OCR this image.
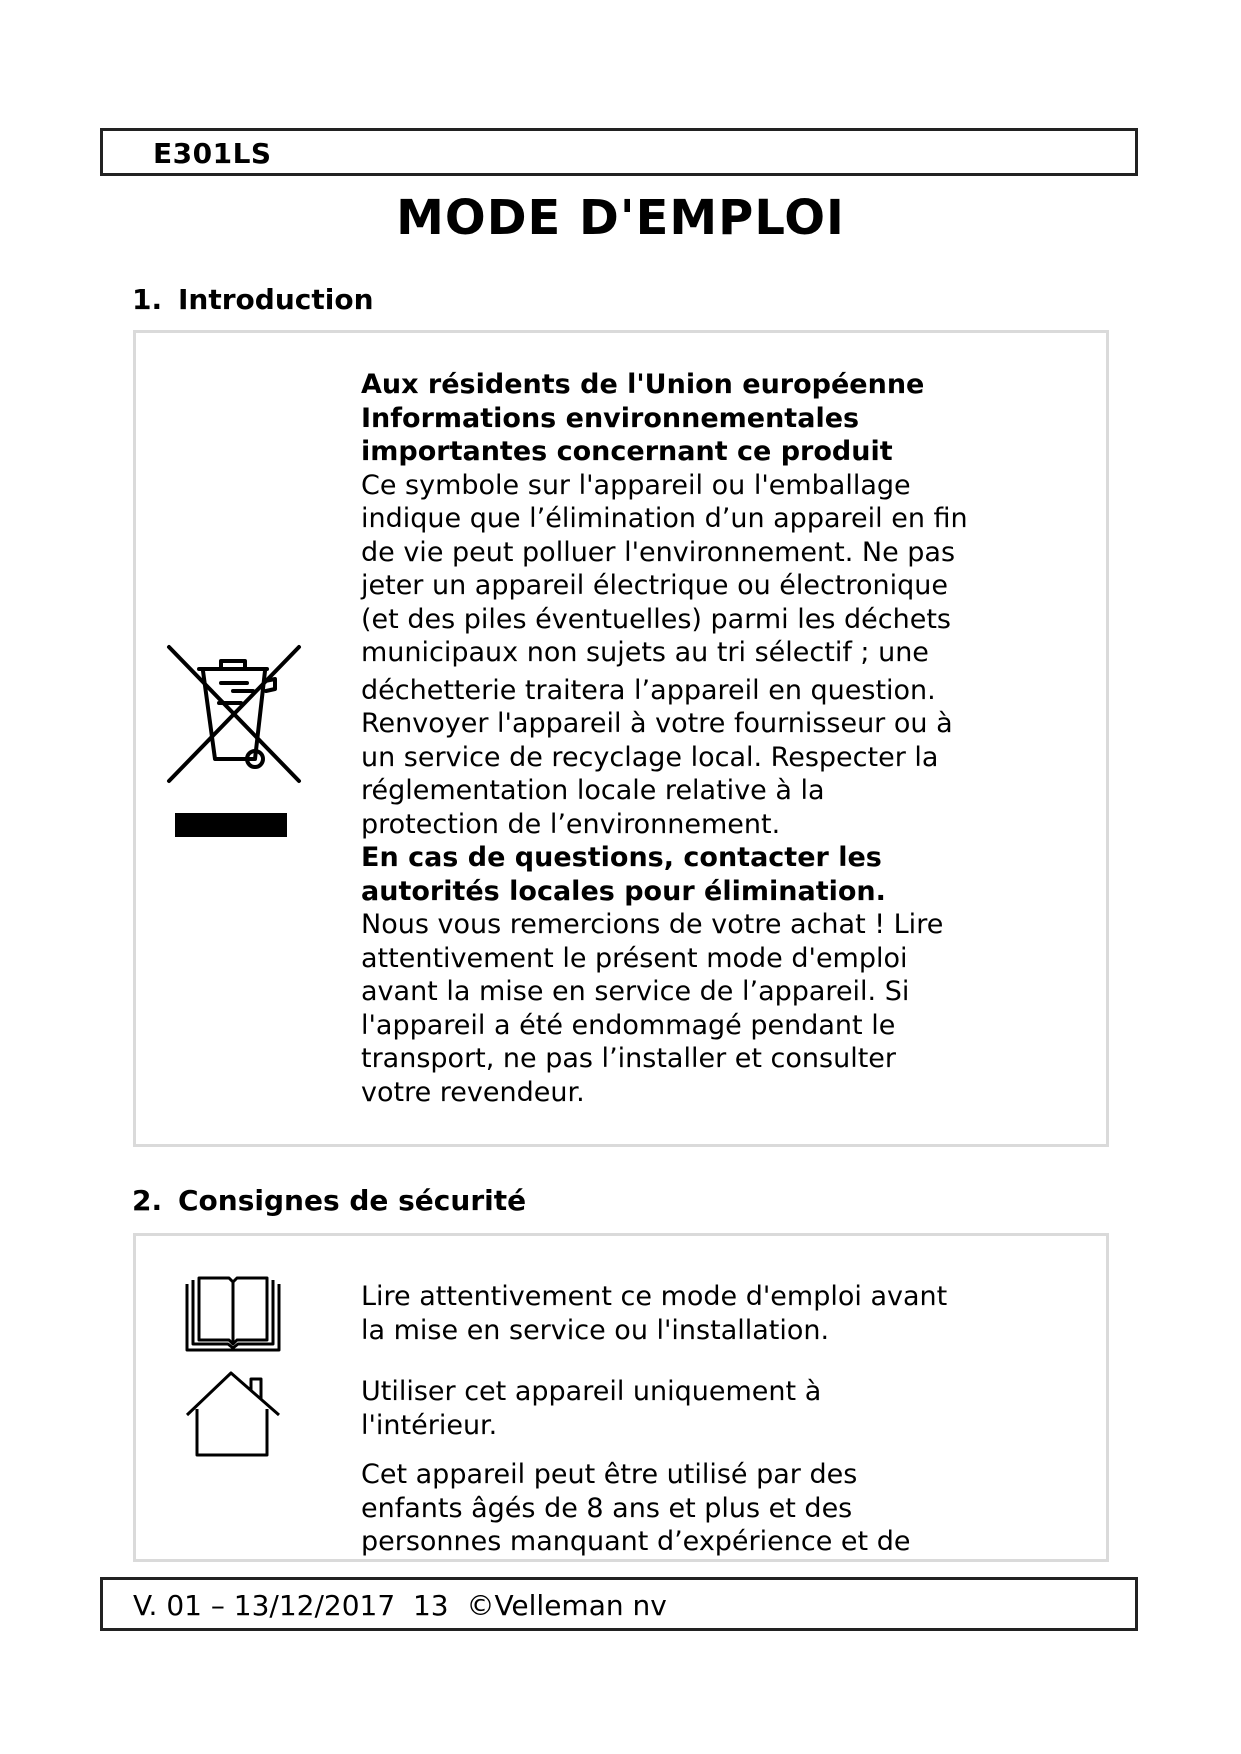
E301LS
MODE D'EMPLOI
1. Introduction

Aux résidents de l'Union européenne

Informations environnementales

importantes concernant ce produit

Ce symbole sur l'appareil ou l'emballage

indique que l’élimination d’un appareil en fin

de vie peut polluer l'environnement. Ne pas

jeter un appareil électrique ou électronique

(et des piles éventuelles) parmi les déchets

municipaux non sujets au tri sélectif ; une

déchetterie traitera l’appareil en question.

Renvoyer l'appareil à votre fournisseur ou à

un service de recyclage local. Respecter la

réglementation locale relative à la

protection de l’environnement.

En cas de questions, contacter les

autorités locales pour élimination.

Nous vous remercions de votre achat ! Lire

attentivement le présent mode d'emploi

avant la mise en service de l’appareil. Si

l'appareil a été endommagé pendant le

transport, ne pas l’installer et consulter

votre revendeur.

2. Consignes de sécurité

Lire attentivement ce mode d'emploi avant

la mise en service ou l'installation.

Utiliser cet appareil uniquement à

l'intérieur.

Cet appareil peut être utilisé par des

enfants âgés de 8 ans et plus et des

personnes manquant d’expérience et de

V. 01 – 13/12/2017 13 ©Velleman nv
